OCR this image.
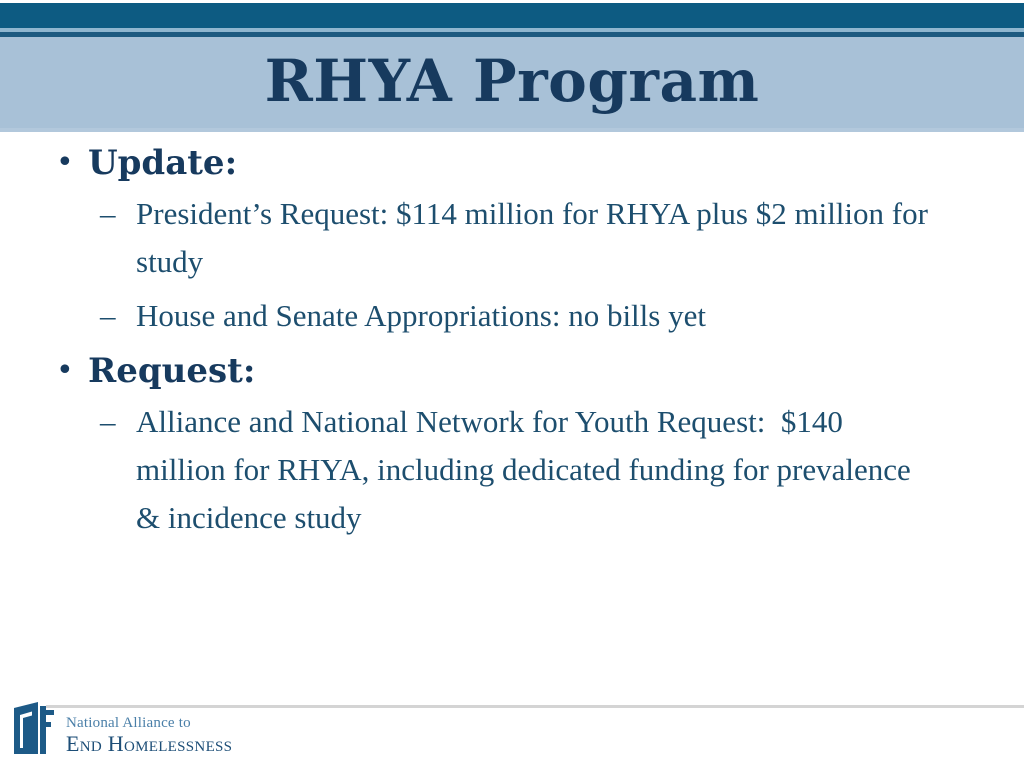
RHYA Program
• Update:
– President’s Request: $114 million for RHYA plus $2 million for study
– House and Senate Appropriations: no bills yet
• Request:
– Alliance and National Network for Youth Request:  $140 million for RHYA, including dedicated funding for prevalence & incidence study
National Alliance to
End Homelessness
